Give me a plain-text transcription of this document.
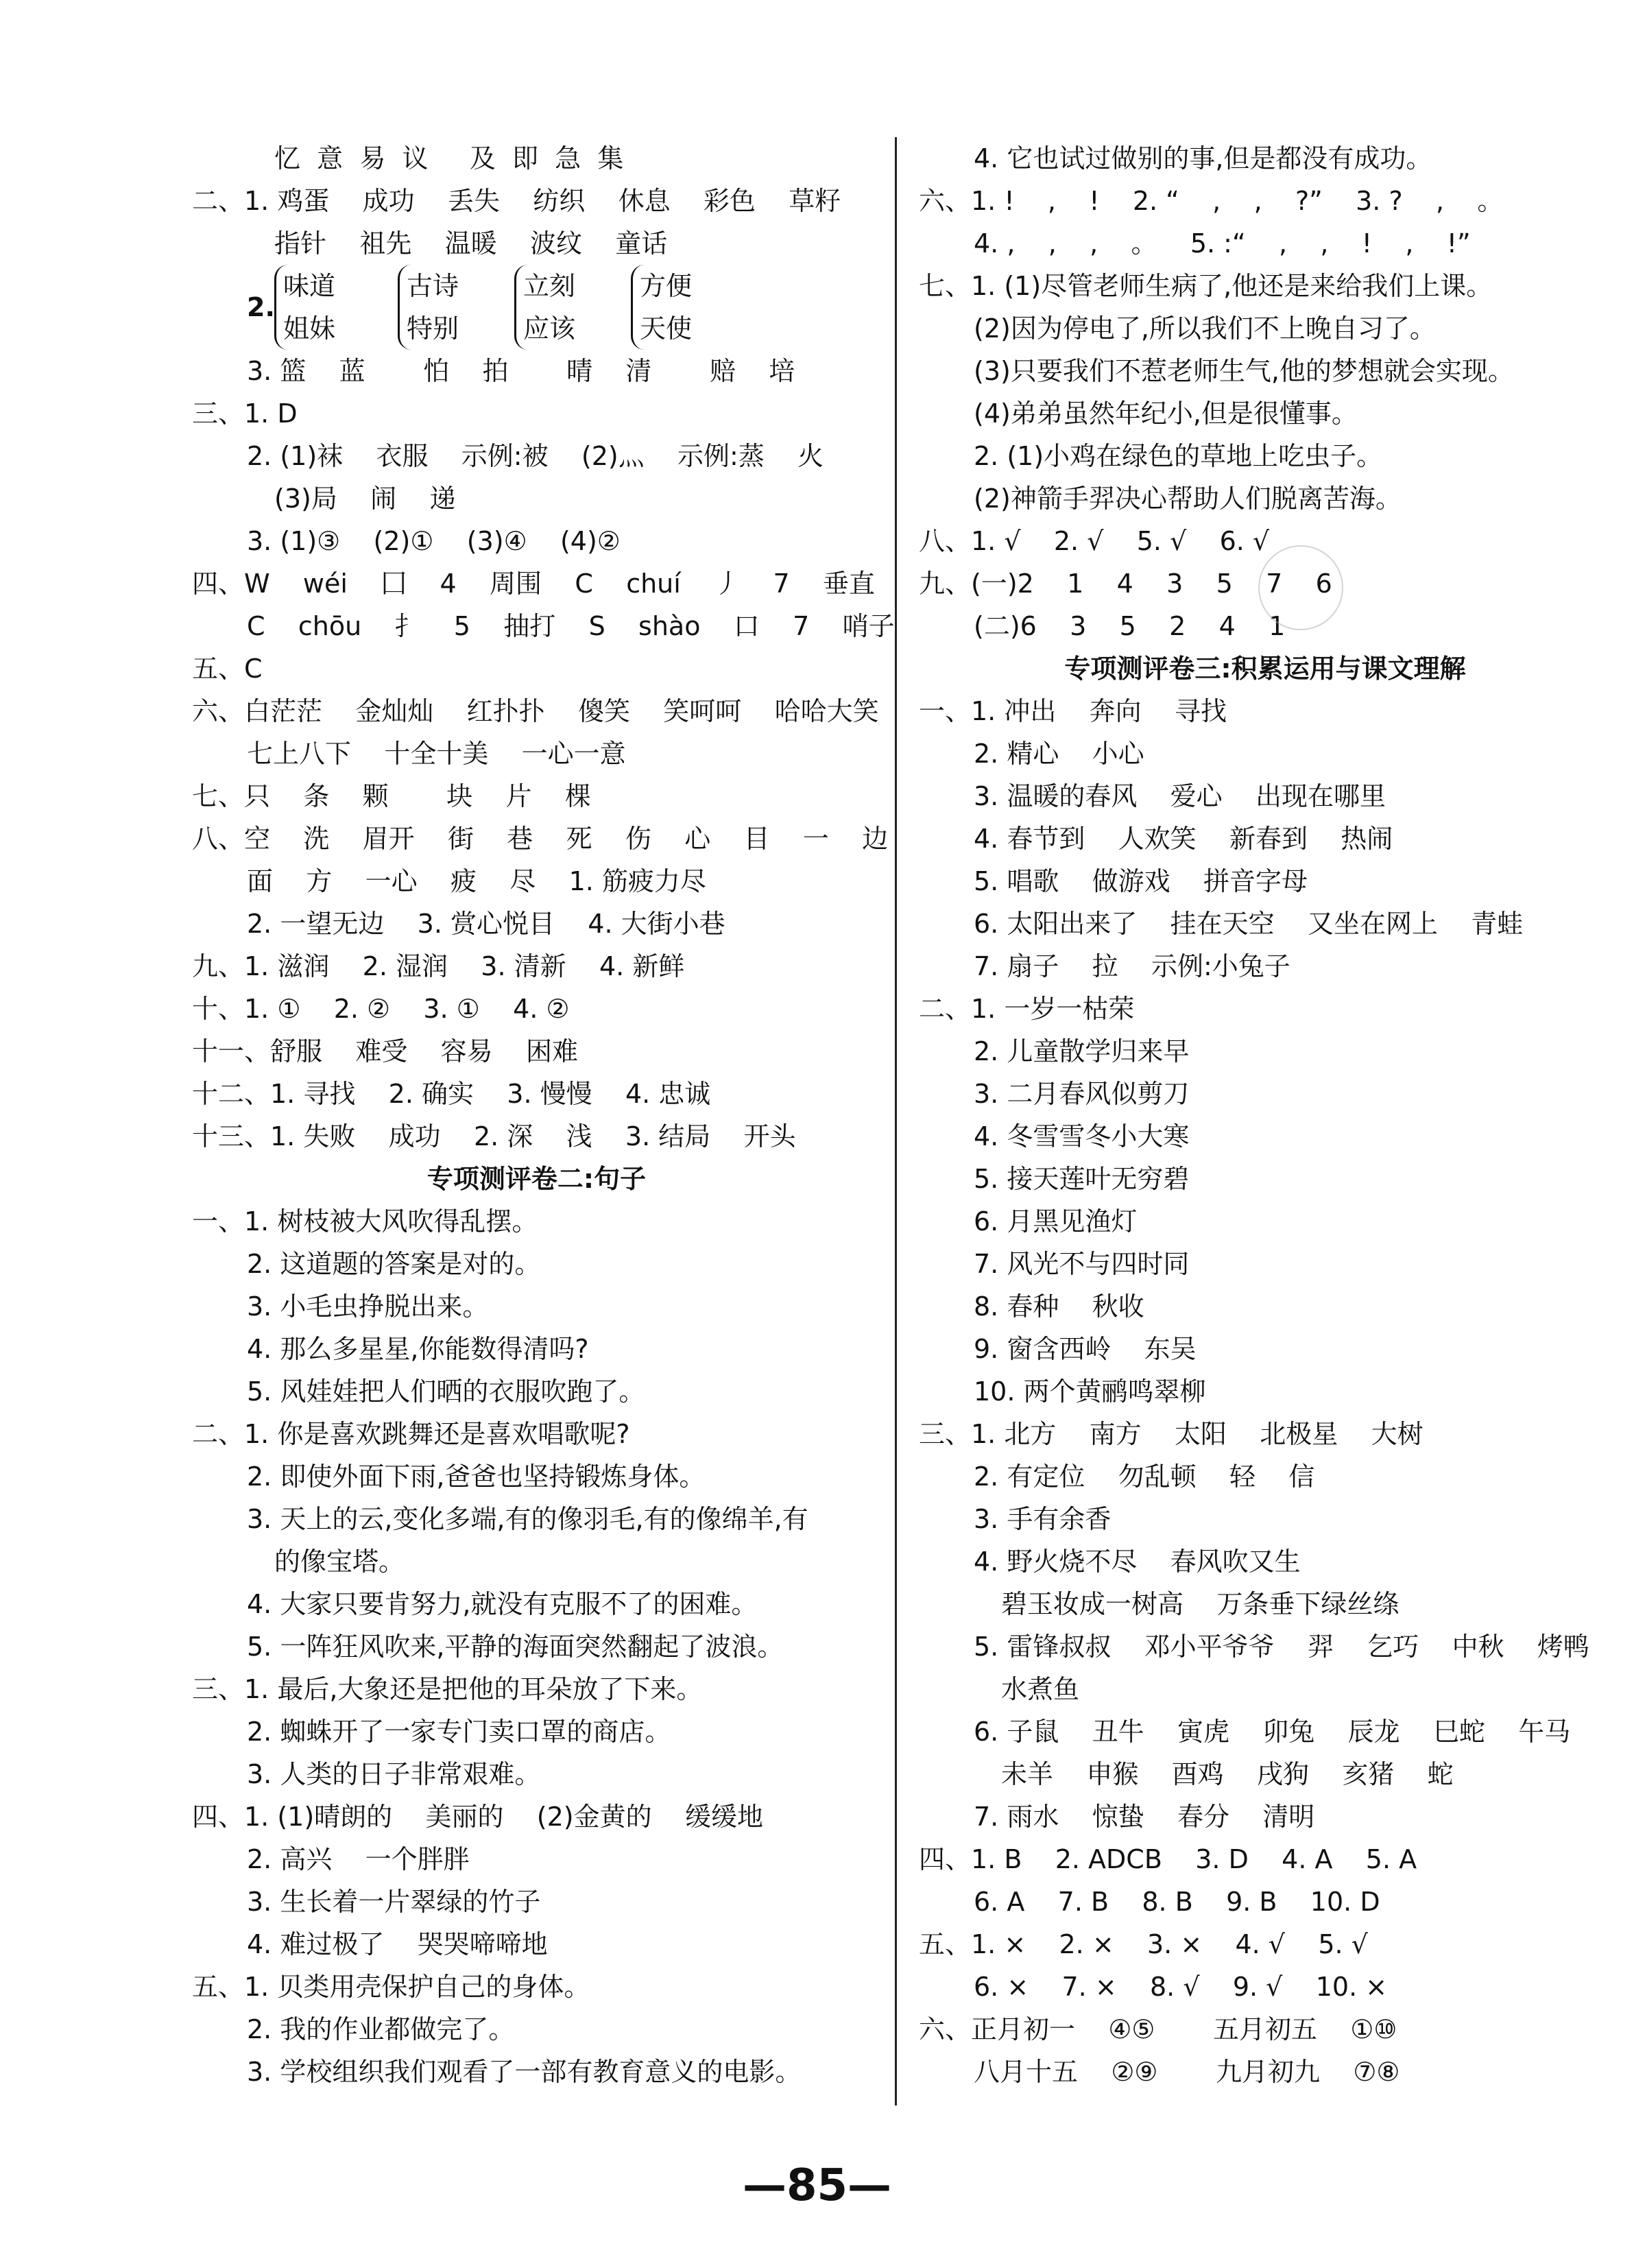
忆  意  易  议     及  即  急  集
二、1. 鸡蛋    成功    丢失    纺织    休息    彩色    草籽
指针    祖先    温暖    波纹    童话
2.
味道
姐妹
古诗
特别
立刻
应该
方便
天使
3. 篮    蓝       怕    拍       晴    清       赔    培
三、1. D
2. (1)袜    衣服    示例:被    (2)灬    示例:蒸    火
(3)局    闹    递
3. (1)③    (2)①    (3)④    (4)②
四、W    wéi    囗    4    周围    C    chuí    丿    7    垂直
C    chōu    扌    5    抽打    S    shào    口    7    哨子
五、C
六、白茫茫    金灿灿    红扑扑    傻笑    笑呵呵    哈哈大笑
七上八下    十全十美    一心一意
七、只    条    颗       块    片    棵
八、空    洗    眉开    街    巷    死    伤    心    目    一    边
面    方    一心    疲    尽    1. 筋疲力尽
2. 一望无边    3. 赏心悦目    4. 大街小巷
九、1. 滋润    2. 湿润    3. 清新    4. 新鲜
十、1. ①    2. ②    3. ①    4. ②
十一、舒服    难受    容易    困难
十二、1. 寻找    2. 确实    3. 慢慢    4. 忠诚
十三、1. 失败    成功    2. 深    浅    3. 结局    开头
专项测评卷二:句子
一、1. 树枝被大风吹得乱摆。
2. 这道题的答案是对的。
3. 小毛虫挣脱出来。
4. 那么多星星,你能数得清吗?
5. 风娃娃把人们晒的衣服吹跑了。
二、1. 你是喜欢跳舞还是喜欢唱歌呢?
2. 即使外面下雨,爸爸也坚持锻炼身体。
3. 天上的云,变化多端,有的像羽毛,有的像绵羊,有
的像宝塔。
4. 大家只要肯努力,就没有克服不了的困难。
5. 一阵狂风吹来,平静的海面突然翻起了波浪。
三、1. 最后,大象还是把他的耳朵放了下来。
2. 蜘蛛开了一家专门卖口罩的商店。
3. 人类的日子非常艰难。
四、1. (1)晴朗的    美丽的    (2)金黄的    缓缓地
2. 高兴    一个胖胖
3. 生长着一片翠绿的竹子
4. 难过极了    哭哭啼啼地
五、1. 贝类用壳保护自己的身体。
2. 我的作业都做完了。
3. 学校组织我们观看了一部有教育意义的电影。
4. 它也试过做别的事,但是都没有成功。
六、1. !    ,    !    2. “    ,    ,    ?”    3. ?    ,    。
4. ,    ,    ,    。    5. :“    ,    ,    !    ,    !”
七、1. (1)尽管老师生病了,他还是来给我们上课。
(2)因为停电了,所以我们不上晚自习了。
(3)只要我们不惹老师生气,他的梦想就会实现。
(4)弟弟虽然年纪小,但是很懂事。
2. (1)小鸡在绿色的草地上吃虫子。
(2)神箭手羿决心帮助人们脱离苦海。
八、1. √    2. √    5. √    6. √
九、(一)2    1    4    3    5    7    6
(二)6    3    5    2    4    1
专项测评卷三:积累运用与课文理解
一、1. 冲出    奔向    寻找
2. 精心    小心
3. 温暖的春风    爱心    出现在哪里
4. 春节到    人欢笑    新春到    热闹
5. 唱歌    做游戏    拼音字母
6. 太阳出来了    挂在天空    又坐在网上    青蛙
7. 扇子    拉    示例:小兔子
二、1. 一岁一枯荣
2. 儿童散学归来早
3. 二月春风似剪刀
4. 冬雪雪冬小大寒
5. 接天莲叶无穷碧
6. 月黑见渔灯
7. 风光不与四时同
8. 春种    秋收
9. 窗含西岭    东吴
10. 两个黄鹂鸣翠柳
三、1. 北方    南方    太阳    北极星    大树
2. 有定位    勿乱顿    轻    信
3. 手有余香
4. 野火烧不尽    春风吹又生
碧玉妆成一树高    万条垂下绿丝绦
5. 雷锋叔叔    邓小平爷爷    羿    乞巧    中秋    烤鸭
水煮鱼
6. 子鼠    丑牛    寅虎    卯兔    辰龙    巳蛇    午马
未羊    申猴    酉鸡    戌狗    亥猪    蛇
7. 雨水    惊蛰    春分    清明
四、1. B    2. ADCB    3. D    4. A    5. A
6. A    7. B    8. B    9. B    10. D
五、1. ×    2. ×    3. ×    4. √    5. √
6. ×    7. ×    8. √    9. √    10. ×
六、正月初一    ④⑤       五月初五    ①⑩
八月十五    ②⑨       九月初九    ⑦⑧
—85—
